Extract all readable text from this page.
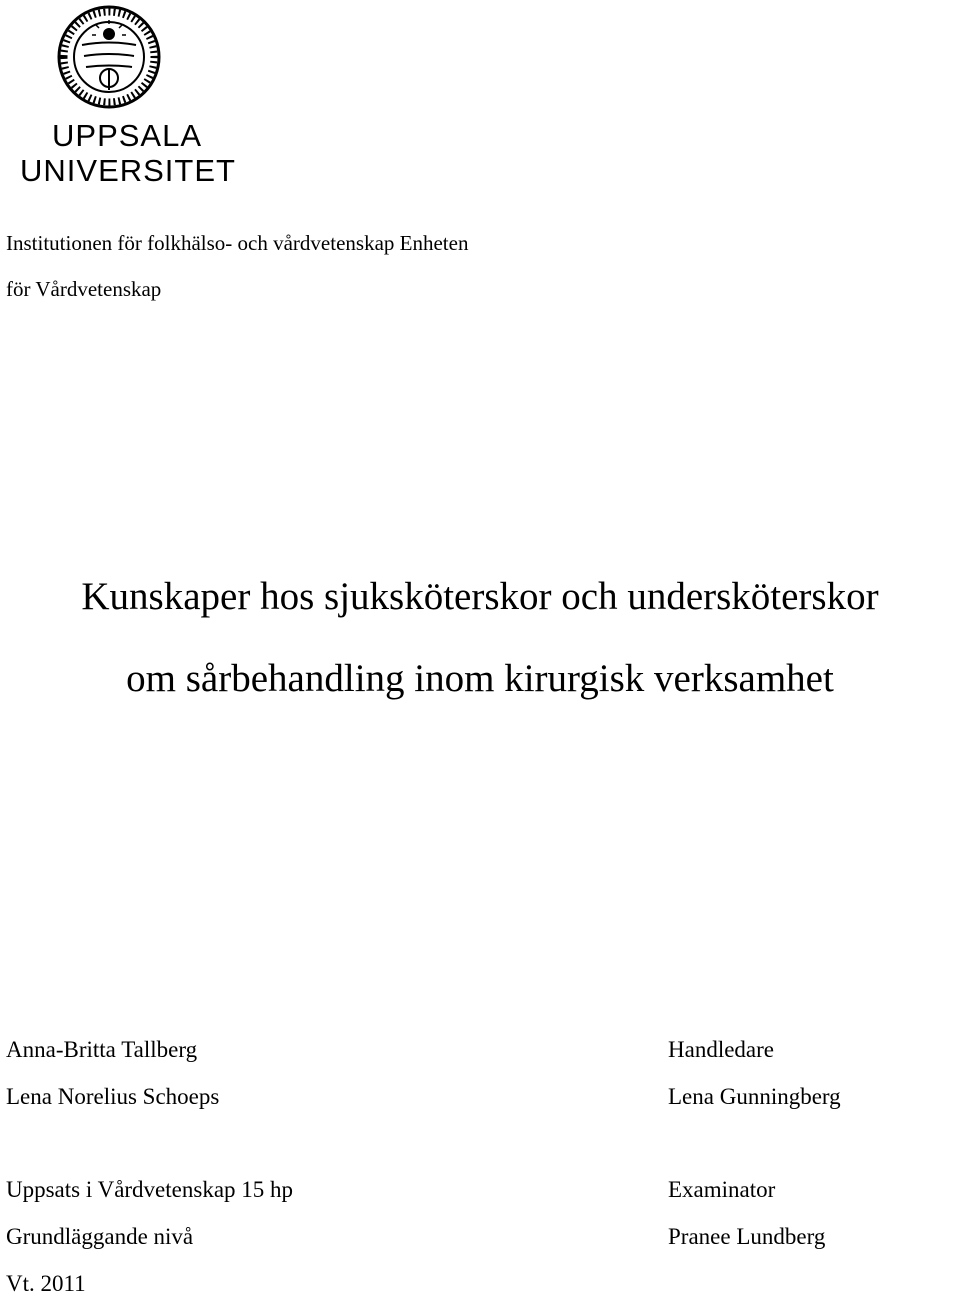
UPPSALA
UNIVERSITET
Institutionen för folkhälso- och vårdvetenskap Enheten
för Vårdvetenskap
Kunskaper hos sjuksköterskor och undersköterskor
om sårbehandling inom kirurgisk verksamhet
Anna-Britta Tallberg
Lena Norelius Schoeps
Handledare
Lena Gunningberg
Uppsats i Vårdvetenskap 15 hp
Grundläggande nivå
Vt. 2011
Examinator
Pranee Lundberg
